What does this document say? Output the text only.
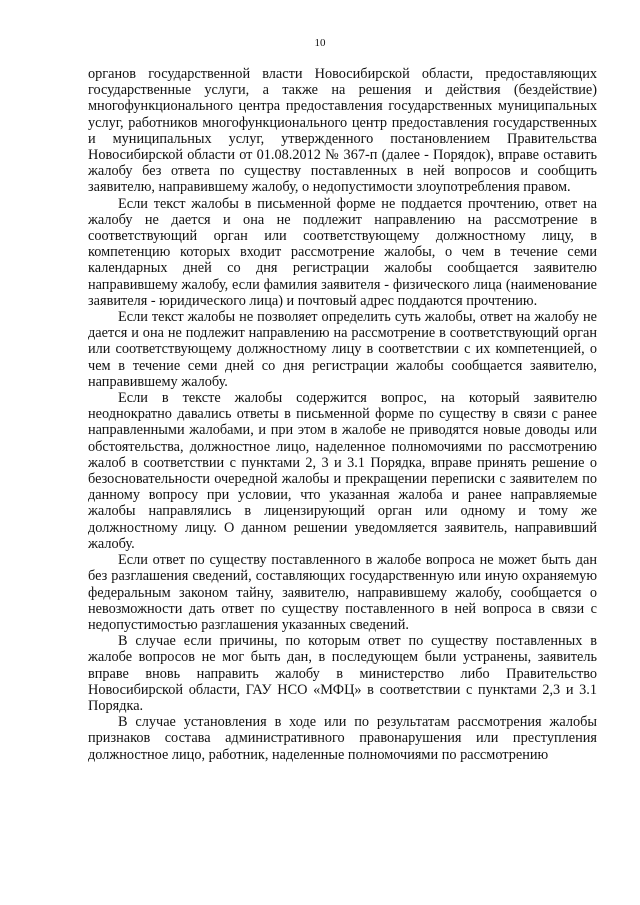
10

органов государственной власти Новосибирской области, предоставляющих государственные услуги, а также на решения и действия (бездействие) многофункционального центра предоставления государственных муниципальных услуг, работников многофункционального центр предоставления государственных и муниципальных услуг, утвержденного постановлением Правительства Новосибирской области от 01.08.2012 № 367-п (далее - Порядок), вправе оставить жалобу без ответа по существу поставленных в ней вопросов и сообщить заявителю, направившему жалобу, о недопустимости злоупотребления правом.

Если текст жалобы в письменной форме не поддается прочтению, ответ на жалобу не дается и она не подлежит направлению на рассмотрение в соответствующий орган или соответствующему должностному лицу, в компетенцию которых входит рассмотрение жалобы, о чем в течение семи календарных дней со дня регистрации жалобы сообщается заявителю направившему жалобу, если фамилия заявителя - физического лица (наименование заявителя - юридического лица) и почтовый адрес поддаются прочтению.

Если текст жалобы не позволяет определить суть жалобы, ответ на жалобу не дается и она не подлежит направлению на рассмотрение в соответствующий орган или соответствующему должностному лицу в соответствии с их компетенцией, о чем в течение семи дней со дня регистрации жалобы сообщается заявителю, направившему жалобу.

Если в тексте жалобы содержится вопрос, на который заявителю неоднократно давались ответы в письменной форме по существу в связи с ранее направленными жалобами, и при этом в жалобе не приводятся новые доводы или обстоятельства, должностное лицо, наделенное полномочиями по рассмотрению жалоб в соответствии с пунктами 2, 3 и 3.1 Порядка, вправе принять решение о безосновательности очередной жалобы и прекращении переписки с заявителем по данному вопросу при условии, что указанная жалоба и ранее направляемые жалобы направлялись в лицензирующий орган или одному и тому же должностному лицу. О данном решении уведомляется заявитель, направивший жалобу.

Если ответ по существу поставленного в жалобе вопроса не может быть дан без разглашения сведений, составляющих государственную или иную охраняемую федеральным законом тайну, заявителю, направившему жалобу, сообщается о невозможности дать ответ по существу поставленного в ней вопроса в связи с недопустимостью разглашения указанных сведений.

В случае если причины, по которым ответ по существу поставленных в жалобе вопросов не мог быть дан, в последующем были устранены, заявитель вправе вновь направить жалобу в министерство либо Правительство Новосибирской области, ГАУ НСО «МФЦ» в соответствии с пунктами 2,3 и 3.1 Порядка.

В случае установления в ходе или по результатам рассмотрения жалобы признаков состава административного правонарушения или преступления должностное лицо, работник, наделенные полномочиями по рассмотрению
